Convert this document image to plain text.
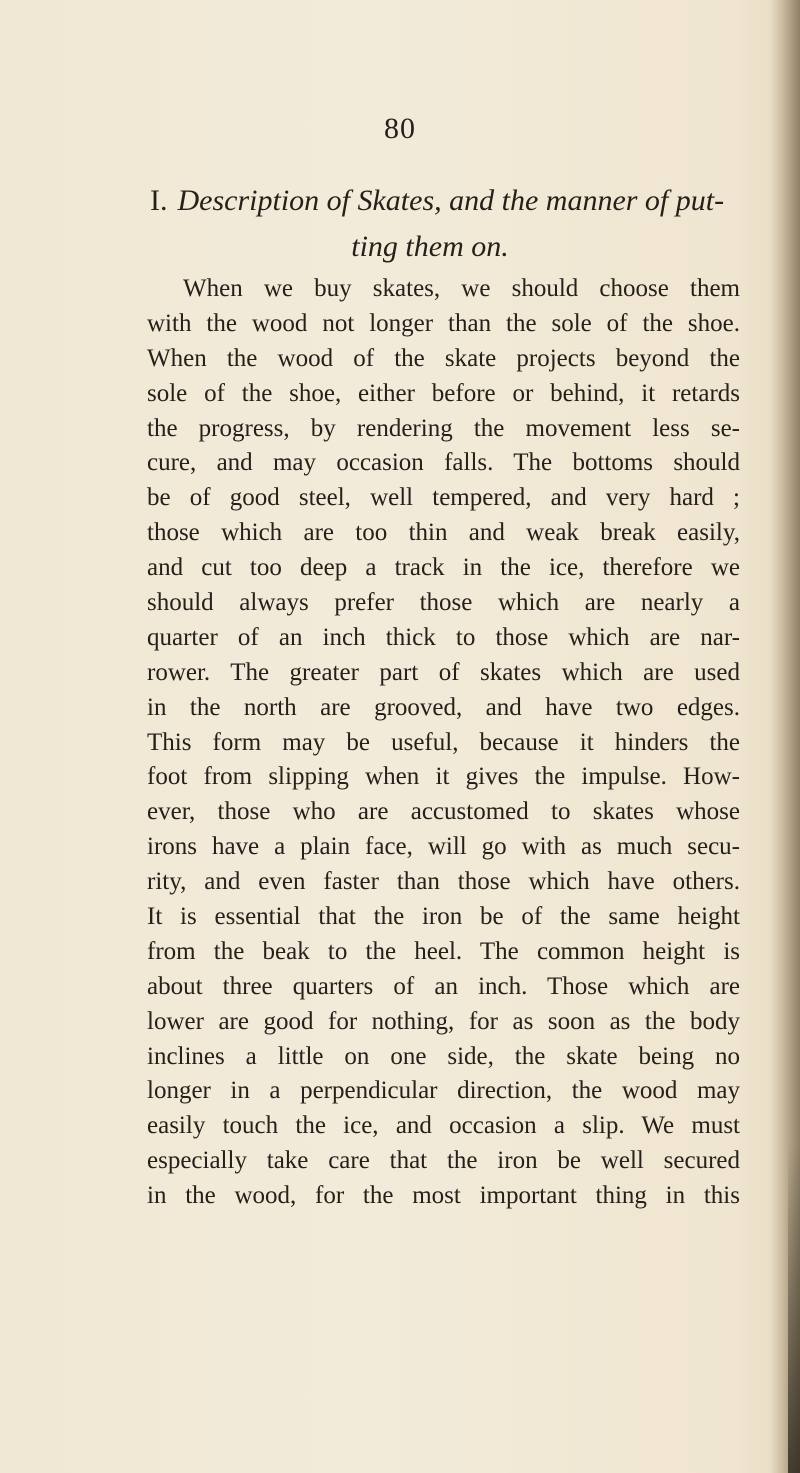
80
I. Description of Skates, and the manner of put-
ting them on.
When we buy skates, we should choose them
with the wood not longer than the sole of the shoe.
When the wood of the skate projects beyond the
sole of the shoe, either before or behind, it retards
the progress, by rendering the movement less se-
cure, and may occasion falls. The bottoms should
be of good steel, well tempered, and very hard ;
those which are too thin and weak break easily,
and cut too deep a track in the ice, therefore we
should always prefer those which are nearly a
quarter of an inch thick to those which are nar-
rower. The greater part of skates which are used
in the north are grooved, and have two edges.
This form may be useful, because it hinders the
foot from slipping when it gives the impulse. How-
ever, those who are accustomed to skates whose
irons have a plain face, will go with as much secu-
rity, and even faster than those which have others.
It is essential that the iron be of the same height
from the beak to the heel. The common height is
about three quarters of an inch. Those which are
lower are good for nothing, for as soon as the body
inclines a little on one side, the skate being no
longer in a perpendicular direction, the wood may
easily touch the ice, and occasion a slip. We must
especially take care that the iron be well secured
in the wood, for the most important thing in this
